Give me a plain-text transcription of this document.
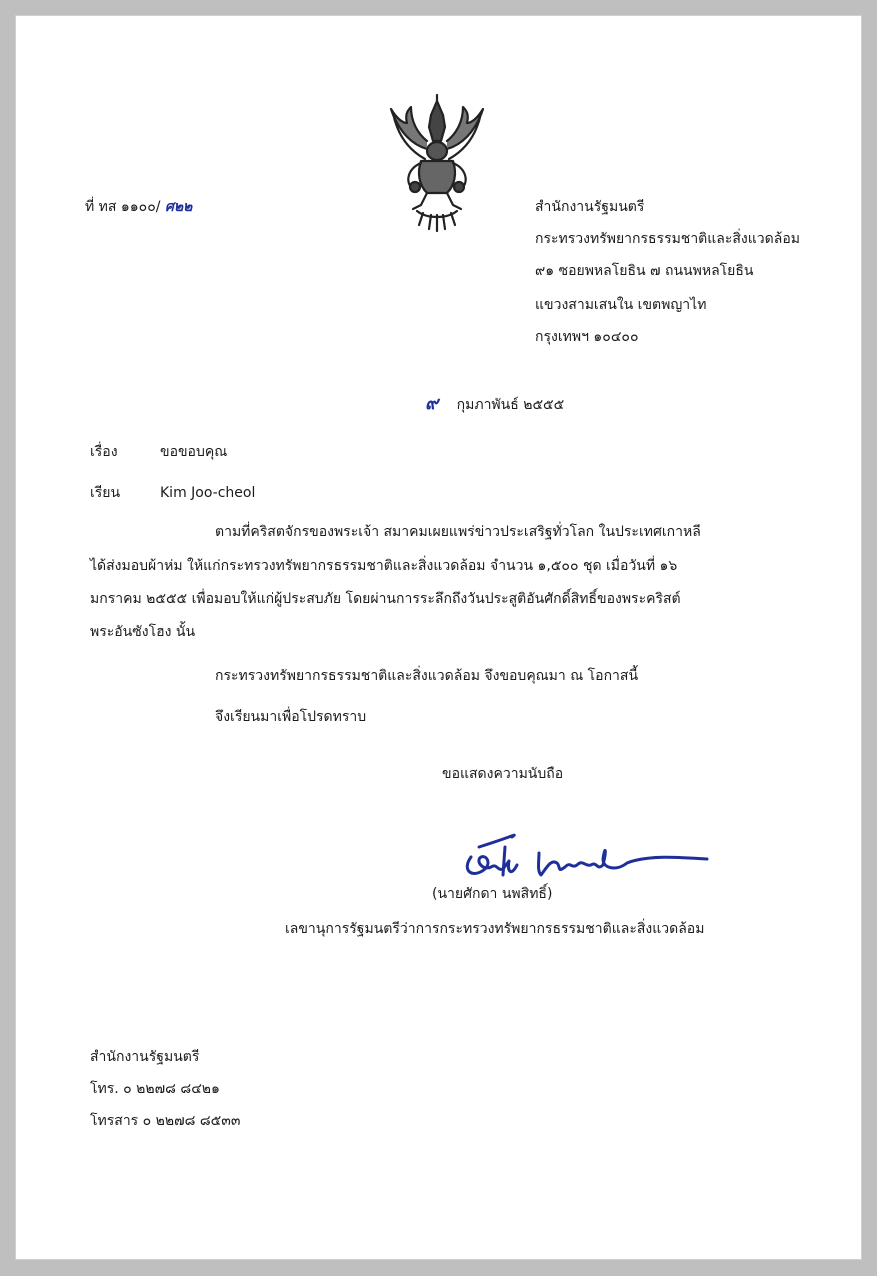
ที่ ทส ๑๑๐๐/ ศ๒๒	สำนักงานรัฐมนตรี
กระทรวงทรัพยากรธรรมชาติและสิ่งแวดล้อม
๙๑ ซอยพหลโยธิน ๗ ถนนพหลโยธิน
แขวงสามเสนใน เขตพญาไท
กรุงเทพฯ ๑๐๔๐๐
๙ กุมภาพันธ์ ๒๕๕๕
เรื่อง	ขอขอบคุณ
เรียน	Kim Joo-cheol
ตามที่คริสตจักรของพระเจ้า สมาคมเผยแพร่ข่าวประเสริฐทั่วโลก ในประเทศเกาหลี
ได้ส่งมอบผ้าห่ม ให้แก่กระทรวงทรัพยากรธรรมชาติและสิ่งแวดล้อม จำนวน ๑,๕๐๐ ชุด เมื่อวันที่ ๑๖
มกราคม ๒๕๕๕ เพื่อมอบให้แก่ผู้ประสบภัย โดยผ่านการระลึกถึงวันประสูติอันศักดิ์สิทธิ์ของพระคริสต์
พระอันซังโฮง นั้น
กระทรวงทรัพยากรธรรมชาติและสิ่งแวดล้อม จึงขอบคุณมา ณ โอกาสนี้
จึงเรียนมาเพื่อโปรดทราบ
ขอแสดงความนับถือ
(นายศักดา นพสิทธิ์)
เลขานุการรัฐมนตรีว่าการกระทรวงทรัพยากรธรรมชาติและสิ่งแวดล้อม
สำนักงานรัฐมนตรี
โทร. ๐ ๒๒๗๘ ๘๔๒๑
โทรสาร ๐ ๒๒๗๘ ๘๕๓๓
